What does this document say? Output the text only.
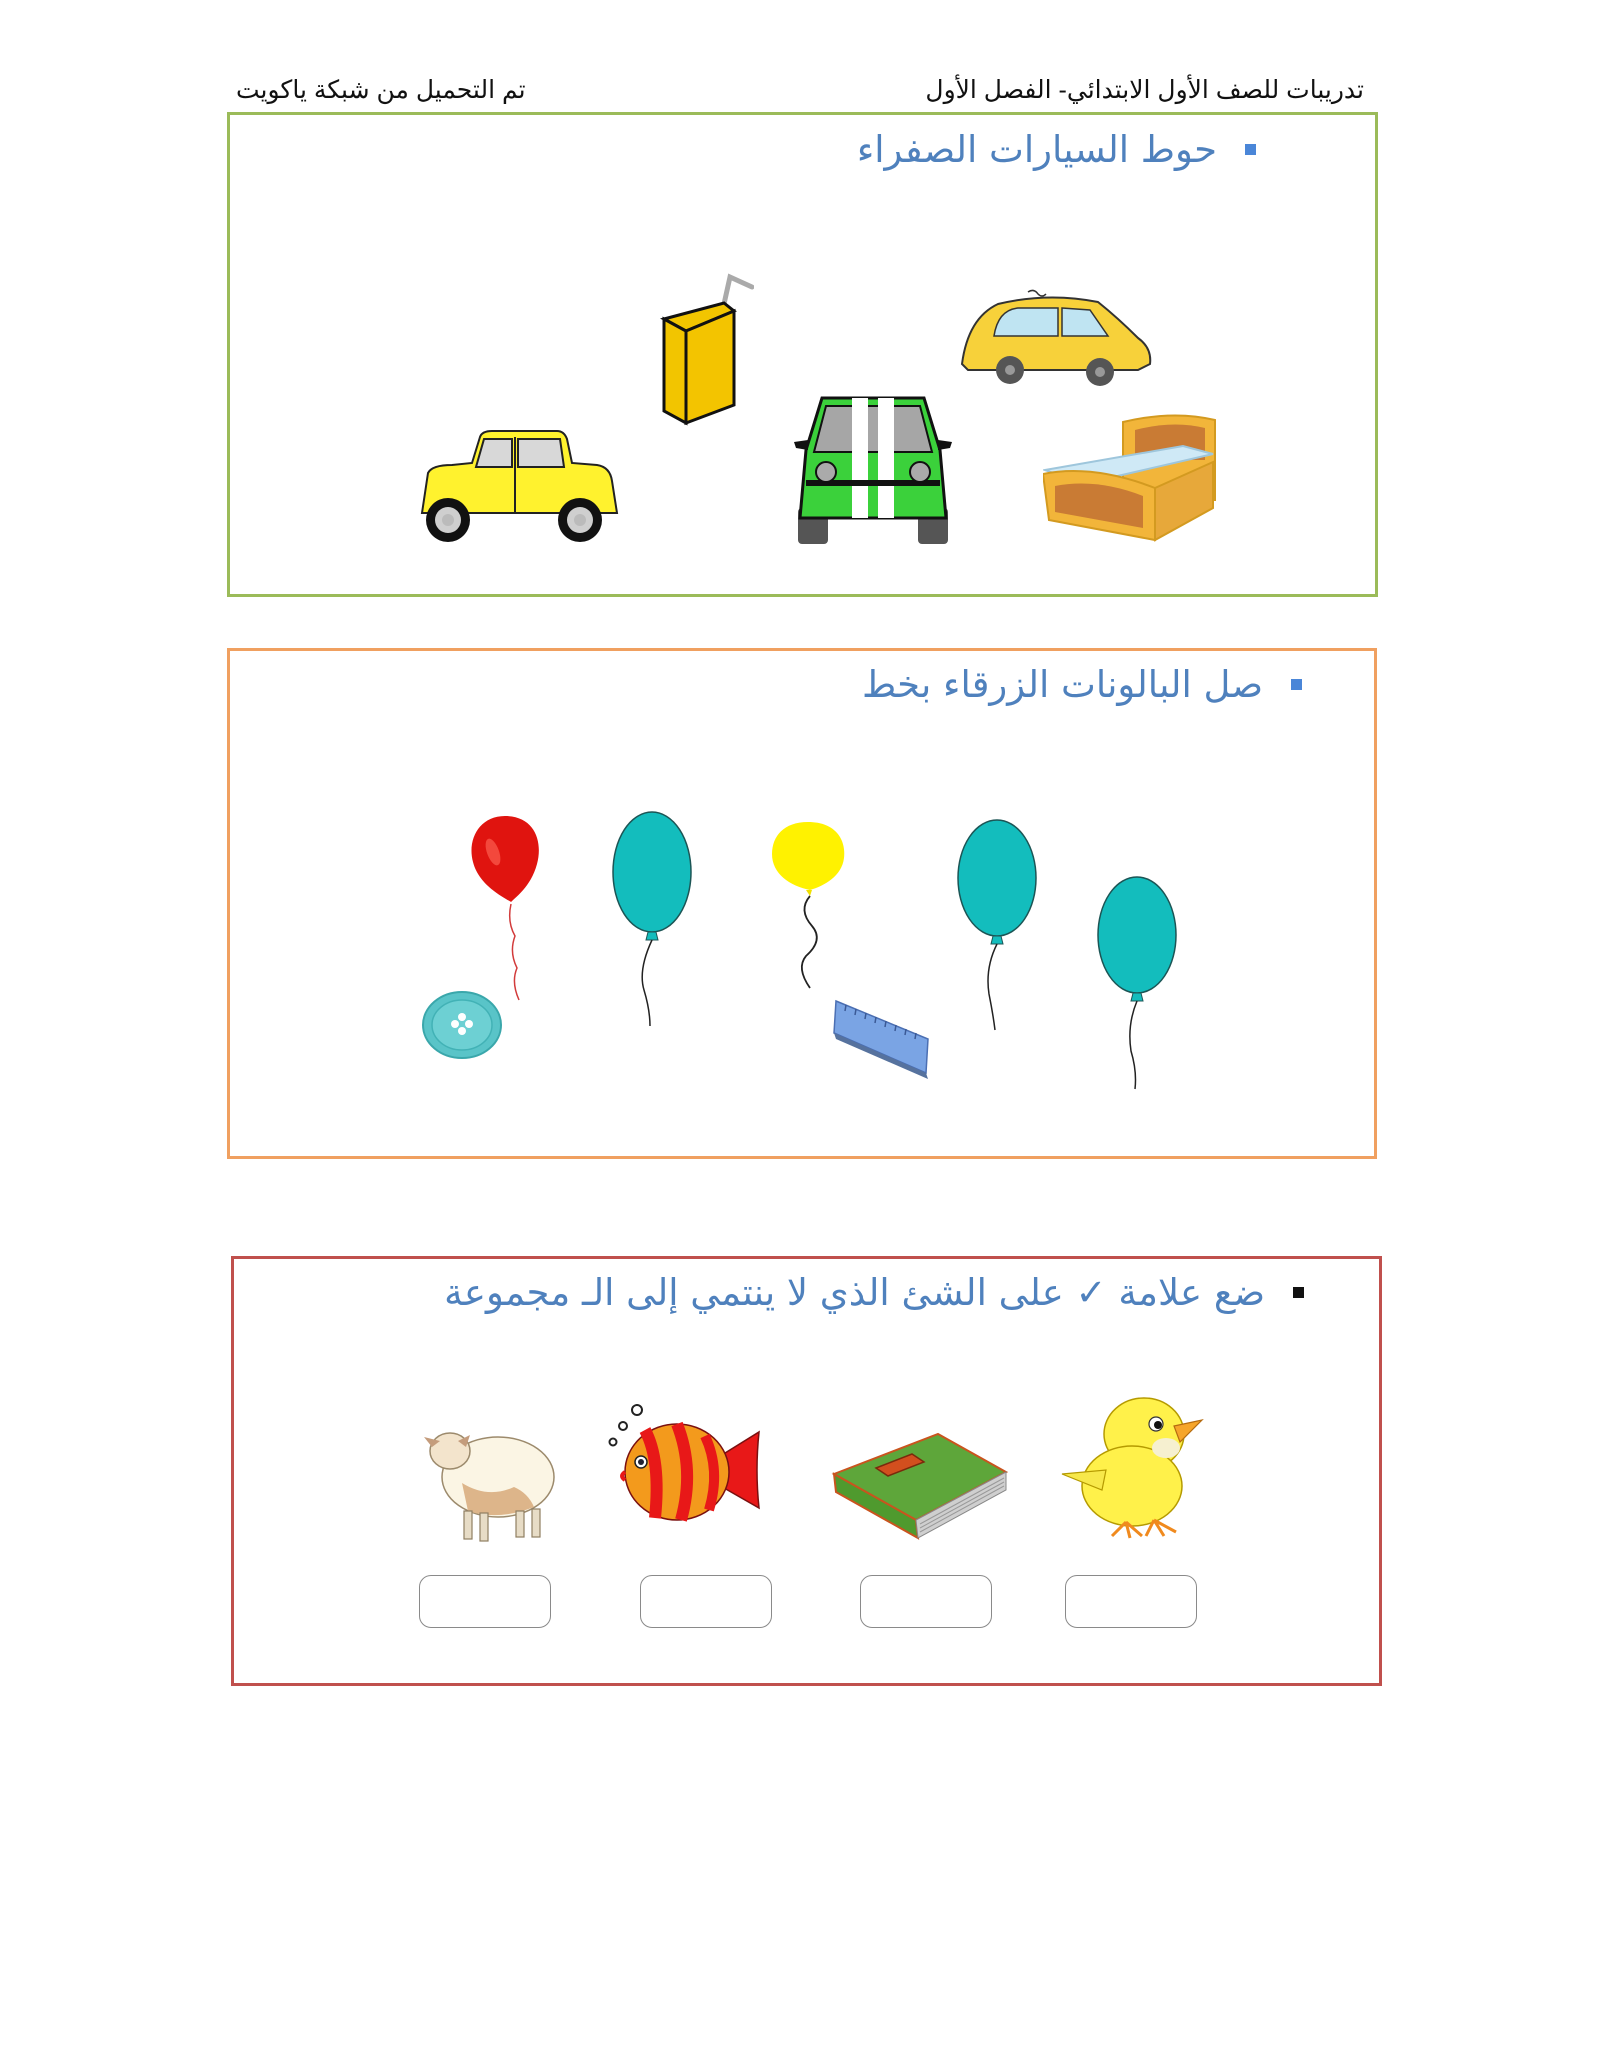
تدريبات للصف الأول الابتدائي- الفصل الأول
تم التحميل من شبكة ياكويت
حوط السيارات الصفراء
صل البالونات الزرقاء بخط
ضع علامة ✓ على الشئ الذي لا ينتمي إلى الـ مجموعة
